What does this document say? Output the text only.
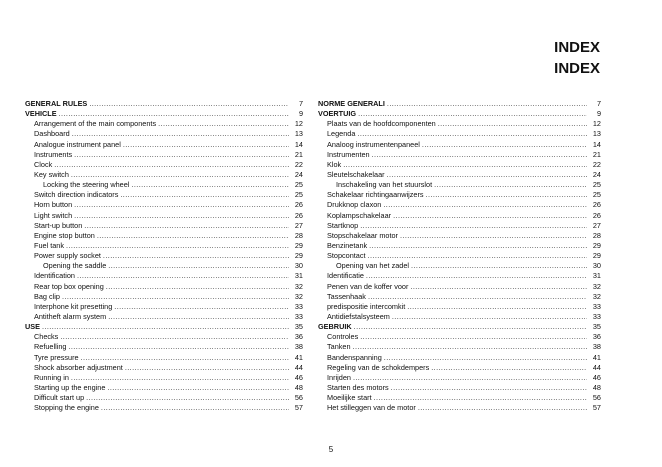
INDEX
INDEX
GENERAL RULES .....	7
VEHICLE .....	9
Arrangement of the main components .....	12
Dashboard .....	13
Analogue instrument panel .....	14
Instruments .....	21
Clock .....	22
Key switch .....	24
Locking the steering wheel .....	25
Switch direction indicators .....	25
Horn button .....	26
Light switch .....	26
Start-up button .....	27
Engine stop button .....	28
Fuel tank .....	29
Power supply socket .....	29
Opening the saddle .....	30
Identification .....	31
Rear top box opening .....	32
Bag clip .....	32
Interphone kit presetting .....	33
Antitheft alarm system .....	33
USE .....	35
Checks .....	36
Refuelling .....	38
Tyre pressure .....	41
Shock absorber adjustment .....	44
Running in .....	46
Starting up the engine .....	48
Difficult start up .....	56
Stopping the engine .....	57
NORME GENERALI .....	7
VOERTUIG .....	9
Plaats van de hoofdcomponenten .....	12
Legenda .....	13
Analoog instrumentenpaneel .....	14
Instrumenten .....	21
Klok .....	22
Sleutelschakelaar .....	24
Inschakeling van het stuurslot .....	25
Schakelaar richtingaanwijzers .....	25
Drukknop claxon .....	26
Koplampschakelaar .....	26
Startknop .....	27
Stopschakelaar motor .....	28
Benzinetank .....	29
Stopcontact .....	29
Opening van het zadel .....	30
Identificatie .....	31
Penen van de koffer voor .....	32
Tassenhaak .....	32
predispositie intercomkit .....	33
Antidiefstalsysteem .....	33
GEBRUIK .....	35
Controles .....	36
Tanken .....	38
Bandenspanning .....	41
Regeling van de schokdempers .....	44
Inrijden .....	46
Starten des motors .....	48
Moeilijke start .....	56
Het stilleggen van de motor .....	57
5
